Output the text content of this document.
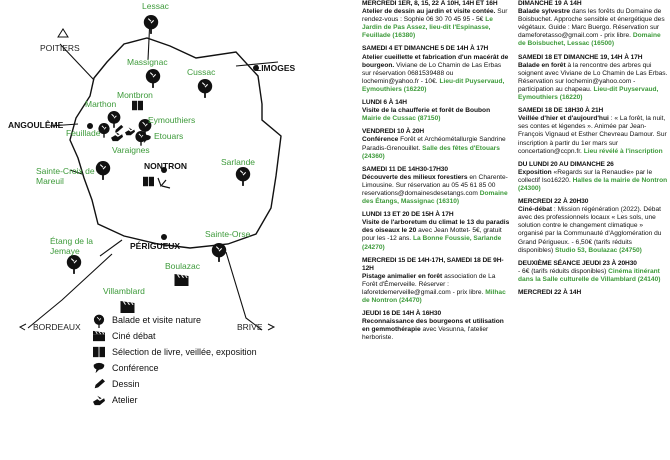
Lessac
POITIERS
Massignac
Cussac	LIMOGES
Montbron
Marthon
ANGOULÊME	Eymouthiers
Feuillade	Etouars
Varaignes
NONTRON	Sarlande
Sainte-Croix de Mareuil
Étang de la Jemaye	PÉRIGUEUX
Sainte-Orse
Boulazac
Villamblard
BORDEAUX	BRIVE
Balade et visite nature
Ciné débat
Sélection de livre, veillée, exposition
Conférence
Dessin
Atelier
MERCREDI 1ER, 8, 15, 22 À 10H, 14H ET 16H
Atelier de dessin au jardin et visite contée. Sur rendez-vous : Sophie 06 30 70 45 95 - 5€ Le Jardin de Pas Assez, lieu-dit l'Espinasse, Feuillade (16380)
SAMEDI 4 ET DIMANCHE 5 DE 14H À 17H
Atelier cueillette et fabrication d'un macérât de bourgeon. Viviane de Lo Chamin de Las Erbas sur réservation 0681539488 ou lochemin@yahoo.fr - 10€. Lieu-dit Puyservaud, Eymouthiers (16220)
LUNDI 6 À 14H
Visite de la chaufferie et forêt de Boubon Mairie de Cussac (87150)
VENDREDI 10 À 20H
Conférence Forêt et Archéométallurgie Sandrine Paradis-Grenouillet. Salle des fêtes d'Etouars (24360)
SAMEDI 11 DE 14H30-17H30
Découverte des milieux forestiers en Charente-Limousine. Sur réservation au 05 45 61 85 00 reservations@domainesdesetangs.com Domaine des Étangs, Massignac (16310)
LUNDI 13 ET 20 DE 15H À 17H
Visite de l'arboretum du climat le 13 du paradis des oiseaux le 20 avec Jean Mottet- 5€, gratuit pour les -12 ans. La Bonne Foussie, Sarlande (24270)
MERCREDI 15 DE 14H-17H, SAMEDI 18 DE 9H-12H
Pistage animalier en forêt association de La Forêt d'Émerveille. Réserver : laforetdemerveille@gmail.com - prix libre. Milhac de Nontron (24470)
JEUDI 16 DE 14H À 16H30
Reconnaissance des bourgeons et utilisation en gemmothérapie avec Vesunna, l'atelier herboriste.
DIMANCHE 19 À 14H
Balade sylvestre dans les forêts du Domaine de Boisbuchet. Approche sensible et énergétique des végétaux. Guide : Marc Buergo. Réservation sur dameforetasso@gmail.com - prix libre. Domaine de Boisbuchet, Lessac (16500)
SAMEDI 18 ET DIMANCHE 19, 14H À 17H
Balade en forêt à la rencontre des arbres qui soignent avec Viviane de Lo Chamin de Las Erbas. Réservation sur lochemin@yahoo.com - participation au chapeau. Lieu-dit Puyservaud, Eymouthiers (16220)
SAMEDI 18 DE 18H30 À 21H
Veillée d'hier et d'aujourd'hui : « La forêt, la nuit, ses contes et légendes ». Animée par Jean-François Vignaud et Esther Chevreau Damour. Sur inscription à partir du 1er mars sur concertation@ccpn.fr. Lieu révélé à l'inscription
DU LUNDI 20 AU DIMANCHE 26
Exposition «Regards sur la Renaudie» par le collectif Iso16220. Halles de la mairie de Nontron (24300)
MERCREDI 22 À 20H30
Ciné-débat : Mission régénération (2022). Débat avec des professionnels locaux « Les sols, une solution contre le changement climatique » organisé par la Communauté d'Agglomération du Grand Périgueux. - 6,50€ (tarifs réduits disponibles) Studio 53, Boulazac (24750)
DEUXIÈME SÉANCE JEUDI 23 À 20H30
- 6€ (tarifs réduits disponibles) Cinéma itinérant dans la Salle culturelle de Villamblard (24140)
MERCREDI 22 À 14H
